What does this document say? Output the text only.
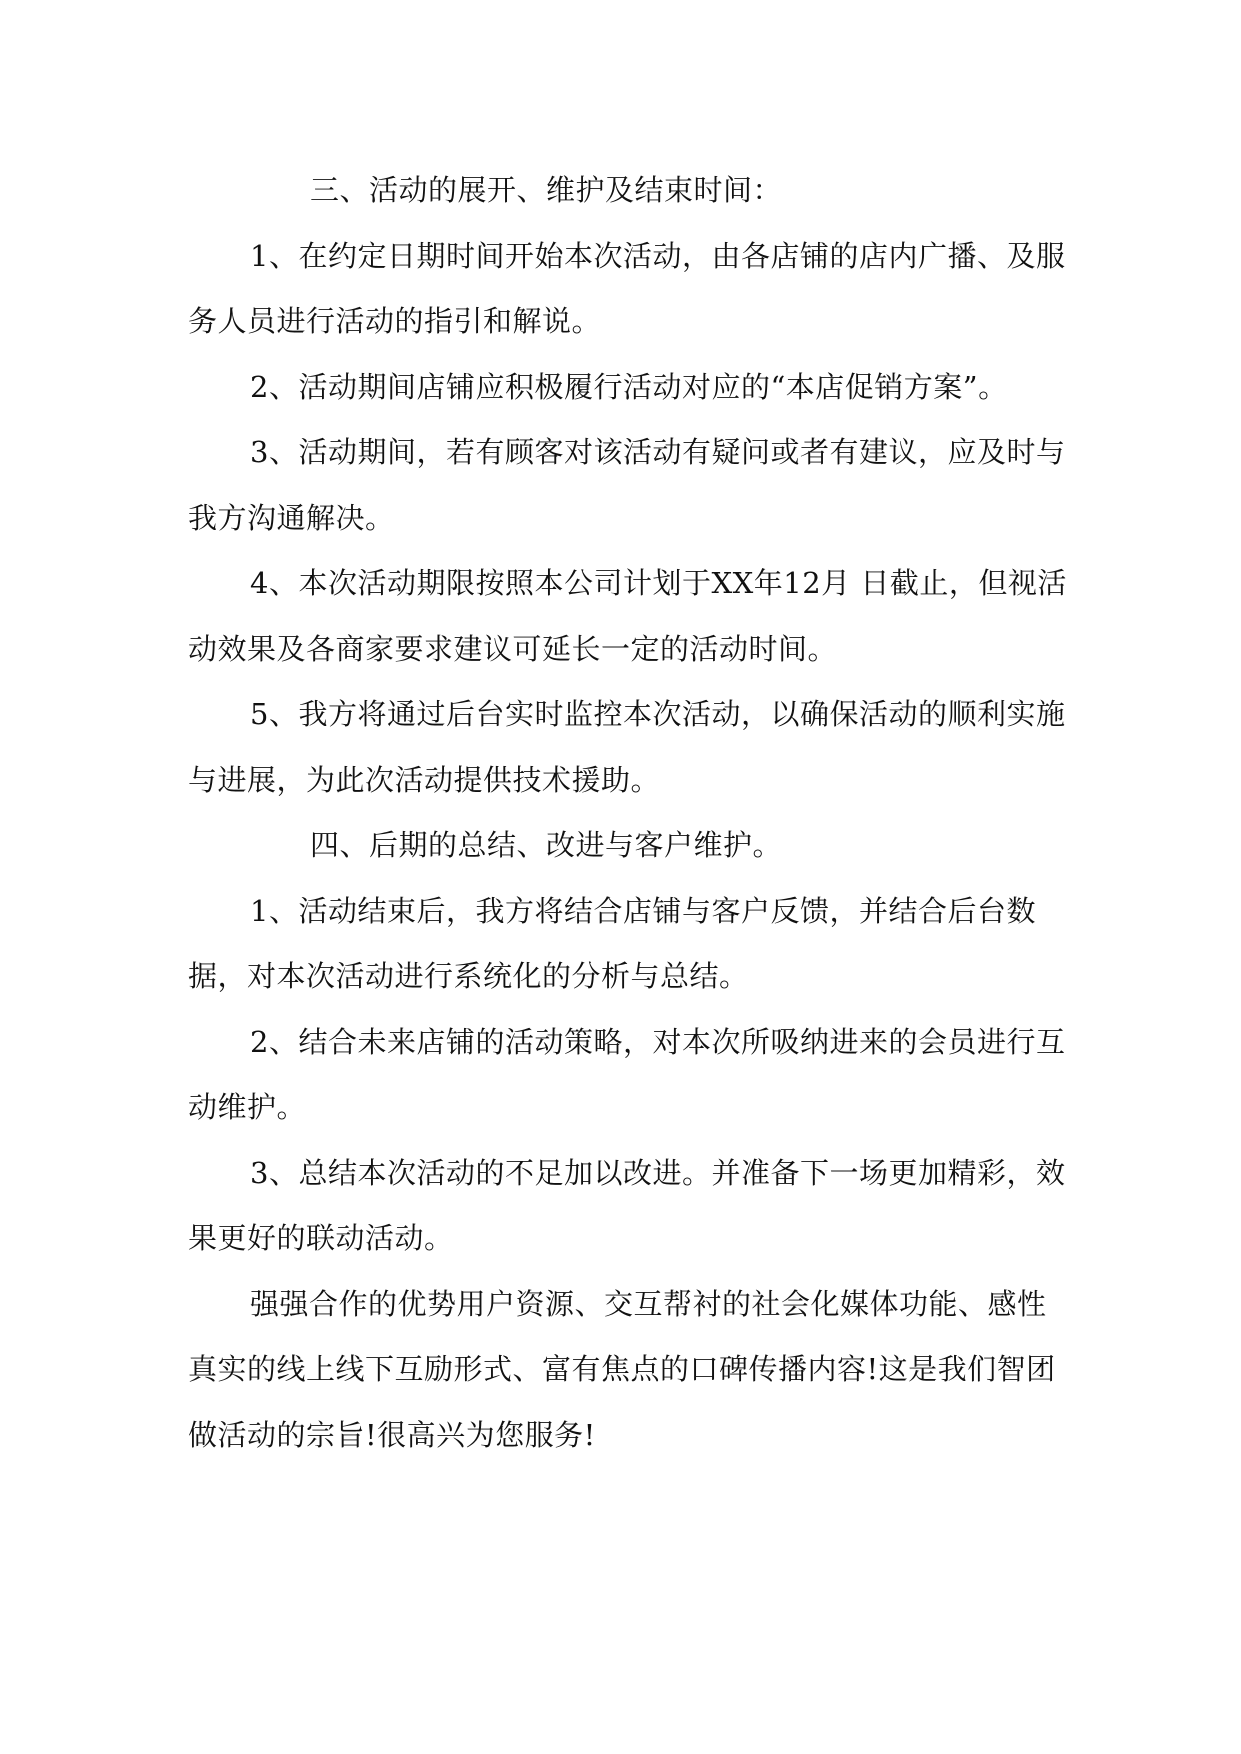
三、活动的展开、维护及结束时间：

1、在约定日期时间开始本次活动，由各店铺的店内广播、及服务人员进行活动的指引和解说。

2、活动期间店铺应积极履行活动对应的“本店促销方案”。

3、活动期间，若有顾客对该活动有疑问或者有建议，应及时与我方沟通解决。

4、本次活动期限按照本公司计划于XX年12月 日截止，但视活动效果及各商家要求建议可延长一定的活动时间。

5、我方将通过后台实时监控本次活动，以确保活动的顺利实施与进展，为此次活动提供技术援助。

四、后期的总结、改进与客户维护。

1、活动结束后，我方将结合店铺与客户反馈，并结合后台数据，对本次活动进行系统化的分析与总结。

2、结合未来店铺的活动策略，对本次所吸纳进来的会员进行互动维护。

3、总结本次活动的不足加以改进。并准备下一场更加精彩，效果更好的联动活动。

强强合作的优势用户资源、交互帮衬的社会化媒体功能、感性真实的线上线下互励形式、富有焦点的口碑传播内容!这是我们智团做活动的宗旨!很高兴为您服务!
